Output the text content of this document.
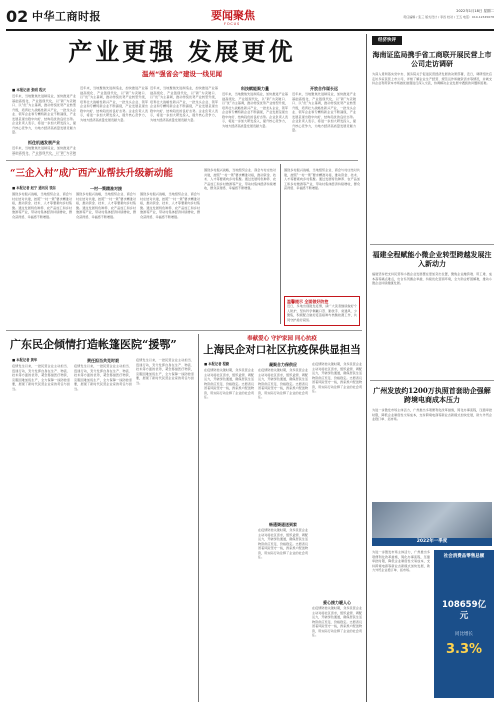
02 中华工商时报	要闻聚焦
FOCUS
2022年1月18日 星期二
责任编辑 / 张三 版式设计 / 李四 校对 / 王五 电话：010-12345678
产业更强 发展更优
温州“强省会”建设一线见闻
■ 本报记者 张明 程天
近年来，当地聚焦先进制造业，加快推进产业基础高级化、产业链现代化，以“新”为突破口、以“优”为主基调，推动传统优势产业转型升级，培育壮大战略性新兴产业，一批龙头企业、领军企业和专精特新企业不断涌现，产业发展呈现出稳中向好、结构趋优的良好态势。企业负责人表示，将进一步加大研发投入，提升核心竞争力，为地方经济高质量发展贡献力量。
抓住机遇发展产业
近年来，当地聚焦先进制造业，加快推进产业基础高级化、产业链现代化，以“新”为突破
近年来，当地聚焦先进制造业，加快推进产业基础高级化、产业链现代化，以“新”为突破口、以“优”为主基调，推动传统优势产业转型升级，培育壮大战略性新兴产业，一批龙头企业、领军企业和专精特新企业不断涌现，产业发展呈现出稳中向好、结构趋优的良好态势。企业负责人表示，将进一步加大研发投入，提升核心竞争力，为地方经济高质量发展贡献力量。
近年来，当地聚焦先进制造业，加快推进产业基础高级化、产业链现代化，以“新”为突破口、以“优”为主基调，推动传统优势产业转型升级，培育壮大战略性新兴产业，一批龙头企业、领军企业和专精特新企业不断涌现，产业发展呈现出稳中向好、结构趋优的良好态势。企业负责人表示，将进一步加大研发投入，提升核心竞争力，为地方经济高质量发展贡献力量。
科技赋能聚力量
近年来，当地聚焦先进制造业，加快推进产业基础高级化、产业链现代化，以“新”为突破口、以“优”为主基调，推动传统优势产业转型升级，培育壮大战略性新兴产业，一批龙头企业、领军企业和专精特新企业不断涌现，产业发展呈现出稳中向好、结构趋优的良好态势。企业负责人表示，将进一步加大研发投入，提升核心竞争力，为地方经济高质量发展贡献力量。
开放合作谋长远
近年来，当地聚焦先进制造业，加快推进产业基础高级化、产业链现代化，以“新”为突破口、以“优”为主基调，推动传统优势产业转型升级，培育壮大战略性新兴产业，一批龙头企业、领军企业和专精特新企业不断涌现，产业发展呈现出稳中向好、结构趋优的良好态势。企业负责人表示，将进一步加大研发投入，提升核心竞争力，为地方经济高质量发展贡献力量。
“三企入村”成广西产业帮扶升级新动能
■ 本报记者 赵宁 通讯员 钱东
围绕乡村振兴战略，当地组织企业、商会与村庄结对共建，按照“一村一策”要求精准对接，推动资金、技术、人才等要素向乡村集聚。通过发展特色种养、农产品加工和乡村旅游等产业，带动村集体经济持续增收，群众获得感、幸福感不断增强。
一村一策精准对接
围绕乡村振兴战略，当地组织企业、商会与村庄结对共建，按照“一村一策”要求精准对接，推动资金、技术、人才等要素向乡村集聚。通过发展特色种养、农产品加工和乡村旅游等产业，带动村集体经济持续增收，群众获得感、幸福感不断增强。
围绕乡村振兴战略，当地组织企业、商会与村庄结对共建，按照“一村一策”要求精准对接，推动资金、技术、人才等要素向乡村集聚。通过发展特色种养、农产品加工和乡村旅游等产业，带动村集体经济持续增收，群众获得感、幸福感不断增强。
围绕乡村振兴战略，当地组织企业、商会与村庄结对共建，按照“一村一策”要求精准对接，推动资金、技术、人才等要素向乡村集聚。通过发展特色种养、农产品加工和乡村旅游等产业，带动村集体经济持续增收，群众获得感、幸福感不断增强。
温馨提示 全面做好防控
近日，多地出现散发疫情，请广大读者继续做好个人防护，坚持科学佩戴口罩、勤洗手、常通风、少聚集，积极配合做好疫苗接种与核酸检测工作，共同守护美好家园。
围绕乡村振兴战略，当地组织企业、商会与村庄结对共建，按照“一村一策”要求精准对接，推动资金、技术、人才等要素向乡村集聚。通过发展特色种养、农产品加工和乡村旅游等产业，带动村集体经济持续增收，群众获得感、幸福感不断增强。
广东民企倾情打造帐篷医院“援鄂”
■ 本报记者 黄华
疫情发生以来，一批民营企业主动担当、迅速行动，充分发挥自身在生产、物流、技术等方面的优势，紧急筹措医疗物资，克服困难加班生产，全力保障一线防控需要，展现了新时代民营企业家的责任与担当。
责任担当共克时艰
疫情发生以来，一批民营企业主动担当、迅速行动，充分发挥自身在生产、物流、技术等方面的优势，紧急筹措医疗物资，克服困难加班生产，全力保障一线防控需要，展现了新时代民营企业家的责任与担当。
疫情发生以来，一批民营企业主动担当、迅速行动，充分发挥自身在生产、物流、技术等方面的优势，紧急筹措医疗物资，克服困难加班生产，全力保障一线防控需要，展现了新时代民营企业家的责任与担当。
奉献爱心 守护家园 同心抗疫
上海民企对口社区抗疫保供显担当
■ 本报记者 程勤
在疫情防控关键时期，众多民营企业主动对接社区需求，组织货源、调配运力，开辟绿色通道，确保居民生活物资供应充足、价格稳定。志愿者们冒着风险坚守一线，挨家挨户配送物资，用实际行动诠释了企业的社会责任。
凝聚合力保供应
在疫情防控关键时期，众多民营企业主动对接社区需求，组织货源、调配运力，开辟绿色通道，确保居民生活物资供应充足、价格稳定。志愿者们冒着风险坚守一线，挨家挨户配送物资，用实际行动诠释了企业的社会责任。
畅通渠道送到家
在疫情防控关键时期，众多民营企业主动对接社区需求，组织货源、调配运力，开辟绿色通道，确保居民生活物资供应充足、价格稳定。志愿者们冒着风险坚守一线，挨家挨户配送物资，用实际行动诠释了企业的社会责任。
爱心接力暖人心
在疫情防控关键时期，众多民营企业主动对接社区需求，组织货源、调配运力，开辟绿色通道，确保居民生活物资供应充足、价格稳定。志愿者们冒着风险坚守一线，挨家挨户配送物资，用实际行动诠释了企业的社会责任。
在疫情防控关键时期，众多民营企业主动对接社区需求，组织货源、调配运力，开辟绿色通道，确保居民生活物资供应充足、价格稳定。志愿者们冒着风险坚守一线，挨家挨户配送物资，用实际行动诠释了企业的社会责任。
经济快评
海南证监局携手省工商联开展民营上市公司走访调研
为深入贯彻落实党中央、国务院关于促进民营经济发展的决策部署，近日，调研组先后走访多家民营上市公司，详细了解企业生产经营、规范运作和融资需求等情况，并就支持企业利用资本市场做优做强进行深入交流，协调解决企业发展中遇到的问题和困难。
福建全程赋能小微企业转型跨越发展注入新动力
福建坚持把支持民营和小微企业发展摆在更加突出位置，聚焦企业融资难、用工难、成本高等痛点难点，出台系列惠企举措，持续优化营商环境，全力助企纾困解难，推动小微企业持续健康发展。
广州发放约1200万执照首套助企强解跨境电商成本压力
为进一步激发市场主体活力，广州推出多项便利化改革措施，简化办事流程，压缩审批时限，降低企业制度性交易成本，支持跨境电商等新业态新模式加快发展，助力外贸企业稳订单、拓市场。
2022年一季度
为进一步激发市场主体活力，广州推出多项便利化改革措施，简化办事流程，压缩审批时限，降低企业制度性交易成本，支持跨境电商等新业态新模式加快发展，助力外贸企业稳订单、拓市场。
社会消费品零售总额
108659亿元
同比增长
3.3%
